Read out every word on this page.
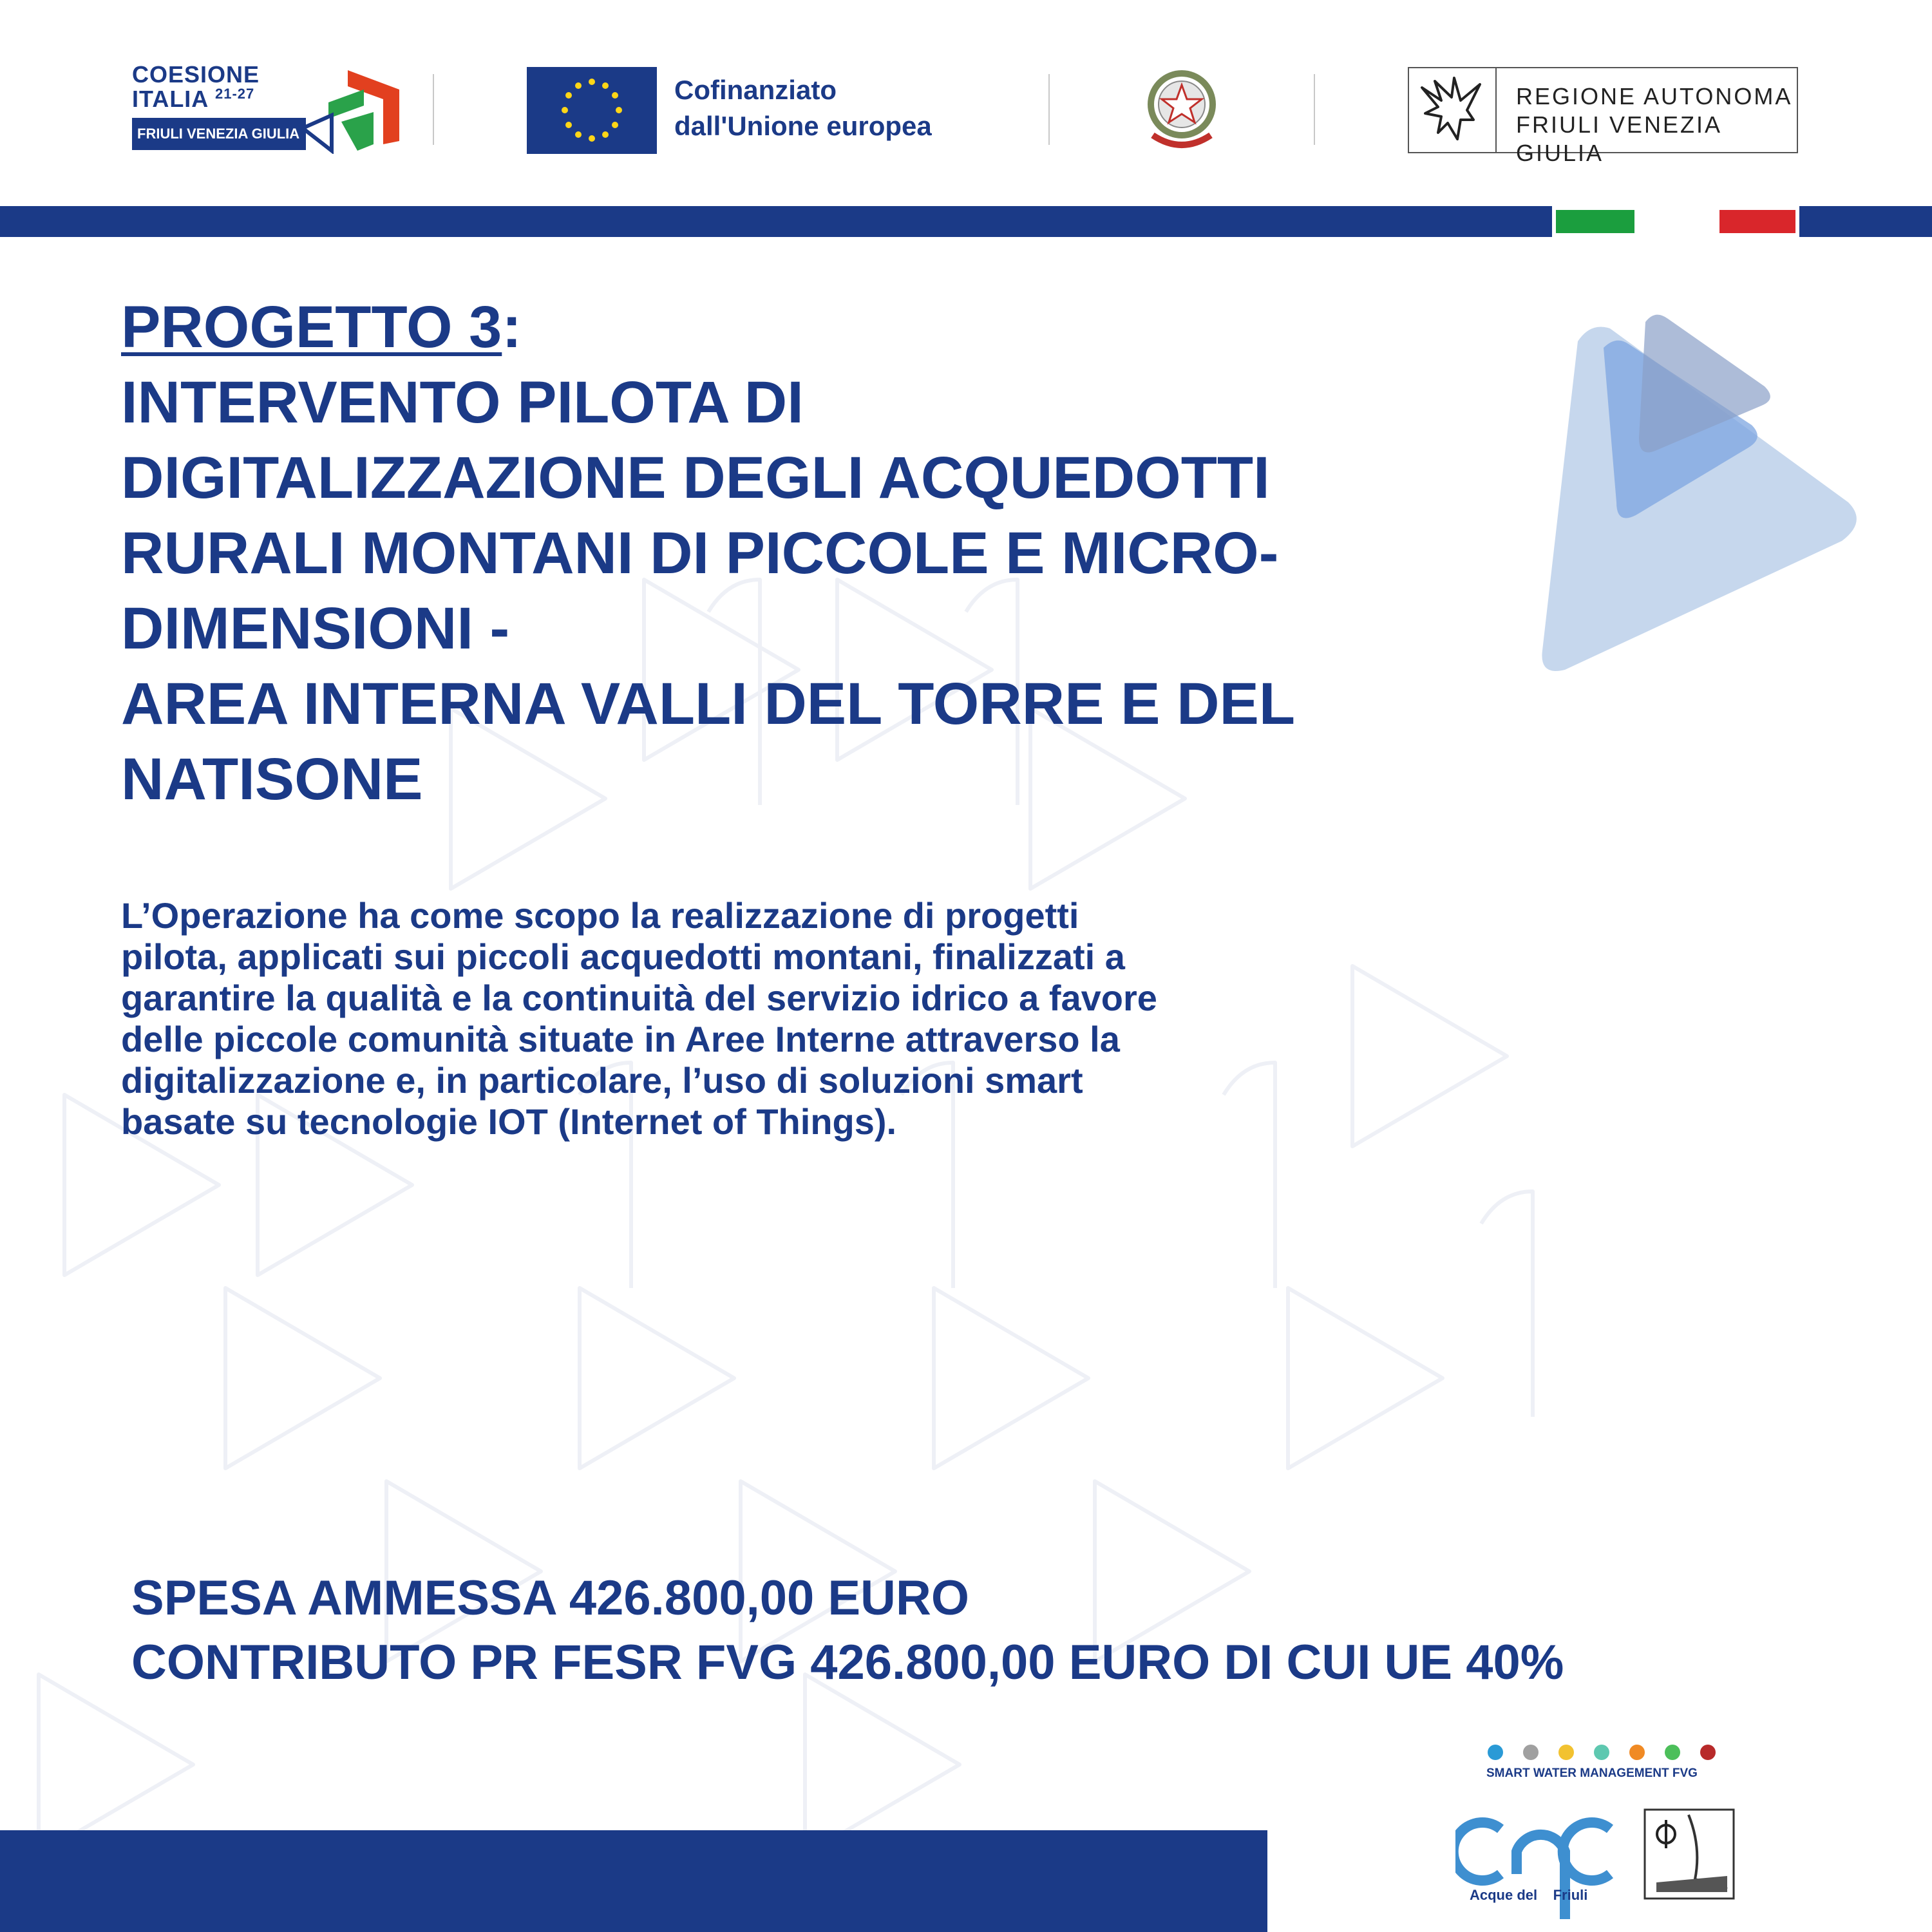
COESIONE
ITALIA $^{21-27}$
FRIULI VENEZIA GIULIA
Cofinanziato
dall'Unione europea
REGIONE AUTONOMA
FRIULI VENEZIA GIULIA
PROGETTO 3:
INTERVENTO PILOTA DI
DIGITALIZZAZIONE DEGLI ACQUEDOTTI
RURALI MONTANI DI PICCOLE E MICRO-
DIMENSIONI -
AREA INTERNA VALLI DEL TORRE E DEL
NATISONE
L’Operazione ha come scopo la realizzazione di progetti
pilota, applicati sui piccoli acquedotti montani, finalizzati a
garantire la qualità e la continuità del servizio idrico a favore
delle piccole comunità situate in Aree Interne attraverso la
digitalizzazione e, in particolare, l’uso di soluzioni smart
basate su tecnologie IOT (Internet of Things).
SPESA AMMESSA 426.800,00 EURO
CONTRIBUTO PR FESR FVG 426.800,00 EURO DI CUI UE 40%
SMART WATER MANAGEMENT FVG
Acque del Friuli
